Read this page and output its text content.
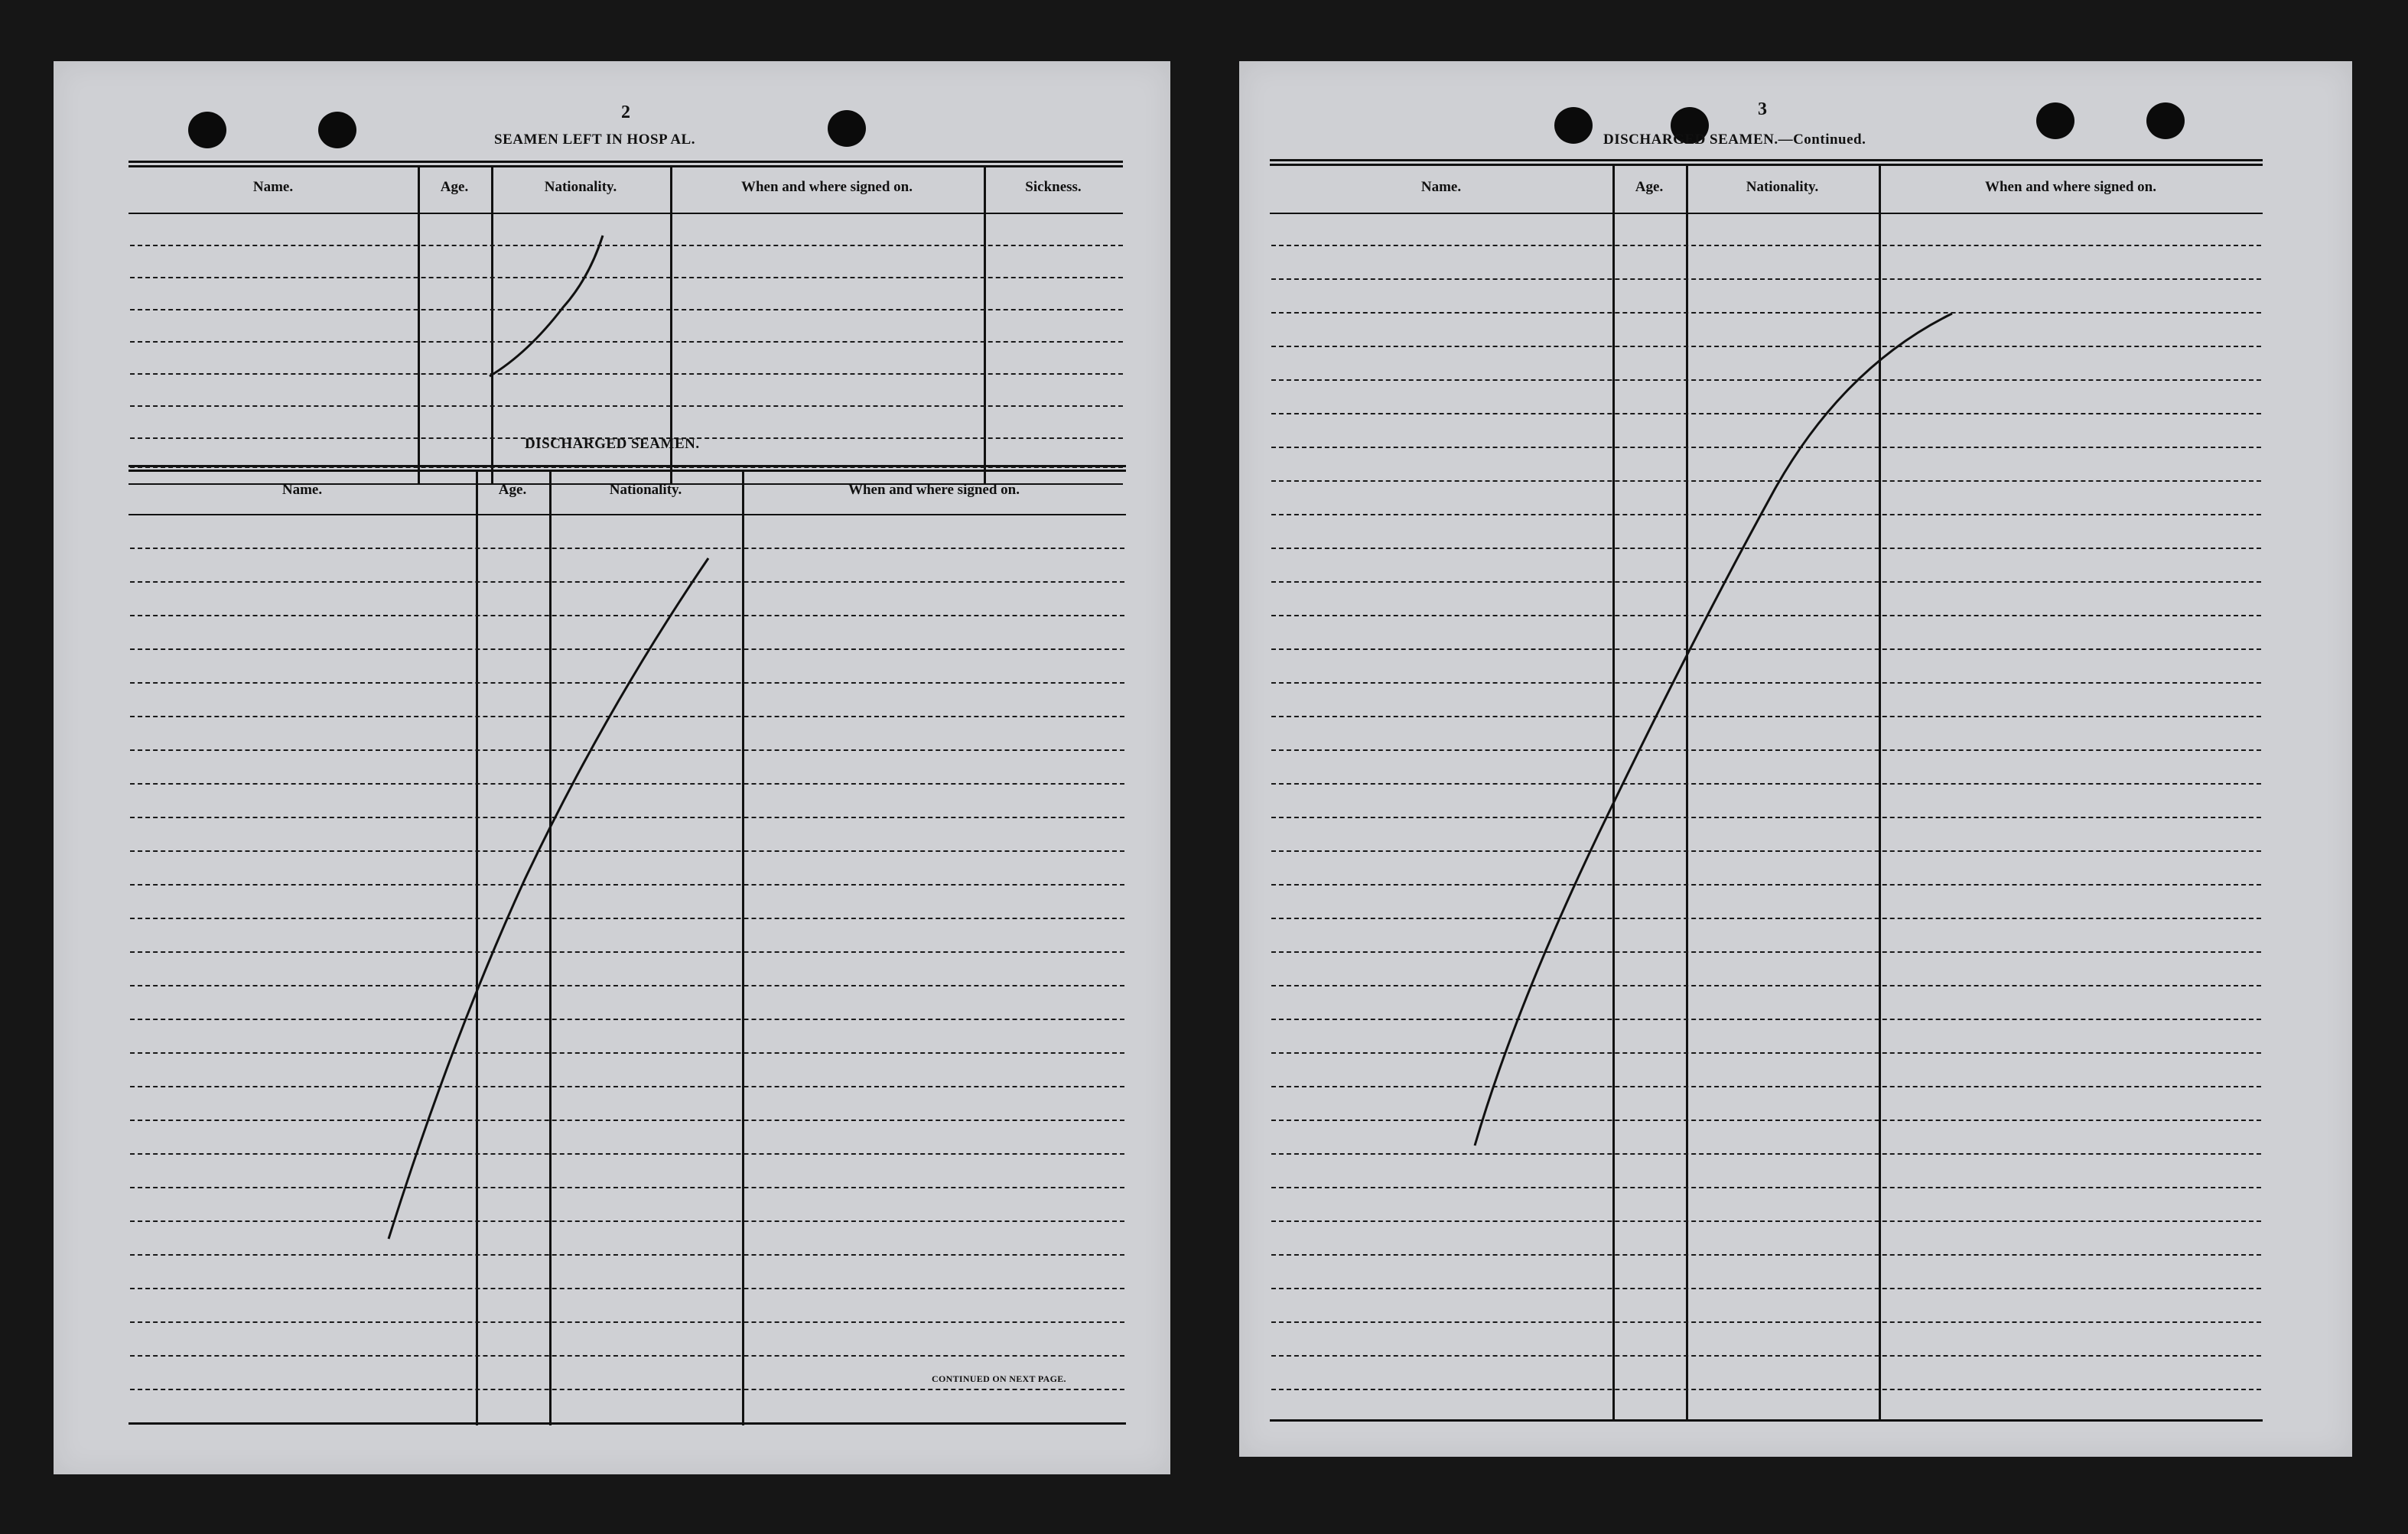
2
SEAMEN LEFT IN HOSP AL.
Name.	Age.	Nationality.	When and where signed on.	Sickness.
DISCHARGED SEAMEN.
Name.	Age.	Nationality.	When and where signed on.
CONTINUED ON NEXT PAGE.
3
DISCHARGED SEAMEN.—Continued.
Name.	Age.	Nationality.	When and where signed on.
